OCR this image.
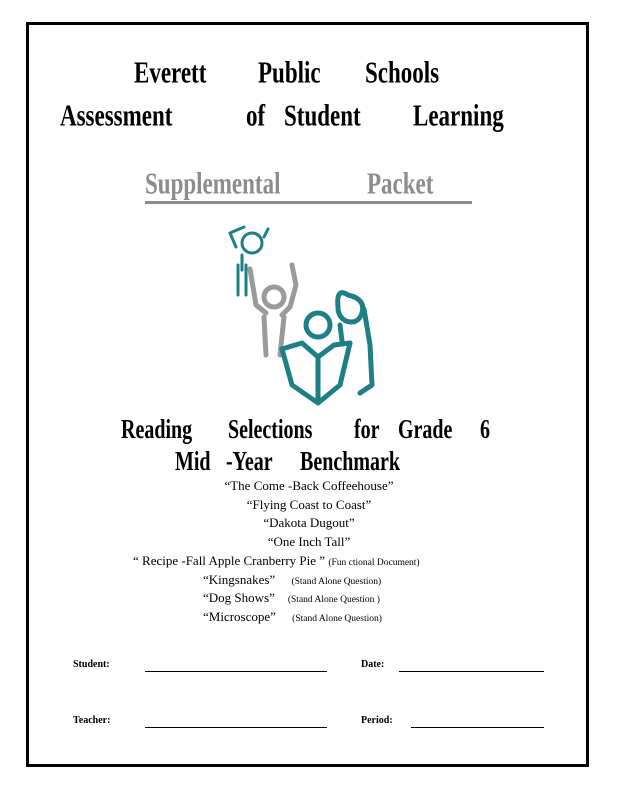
Everett Public Schools
Assessment	of Student Learning
Supplemental	Packet
Reading Selections for Grade 6
Mid -Year Benchmark
“The Come -Back Coffeehouse”
“Flying Coast to Coast”
“Dakota Dugout”
“One Inch Tall”
“ Recipe -Fall Apple Cranberry Pie ” (Fun ctional Document)
“Kingsnakes” (Stand Alone Question)
“Dog Shows” (Stand Alone Question )
“Microscope” (Stand Alone Question)
Student:	Date:
Teacher:	Period:
